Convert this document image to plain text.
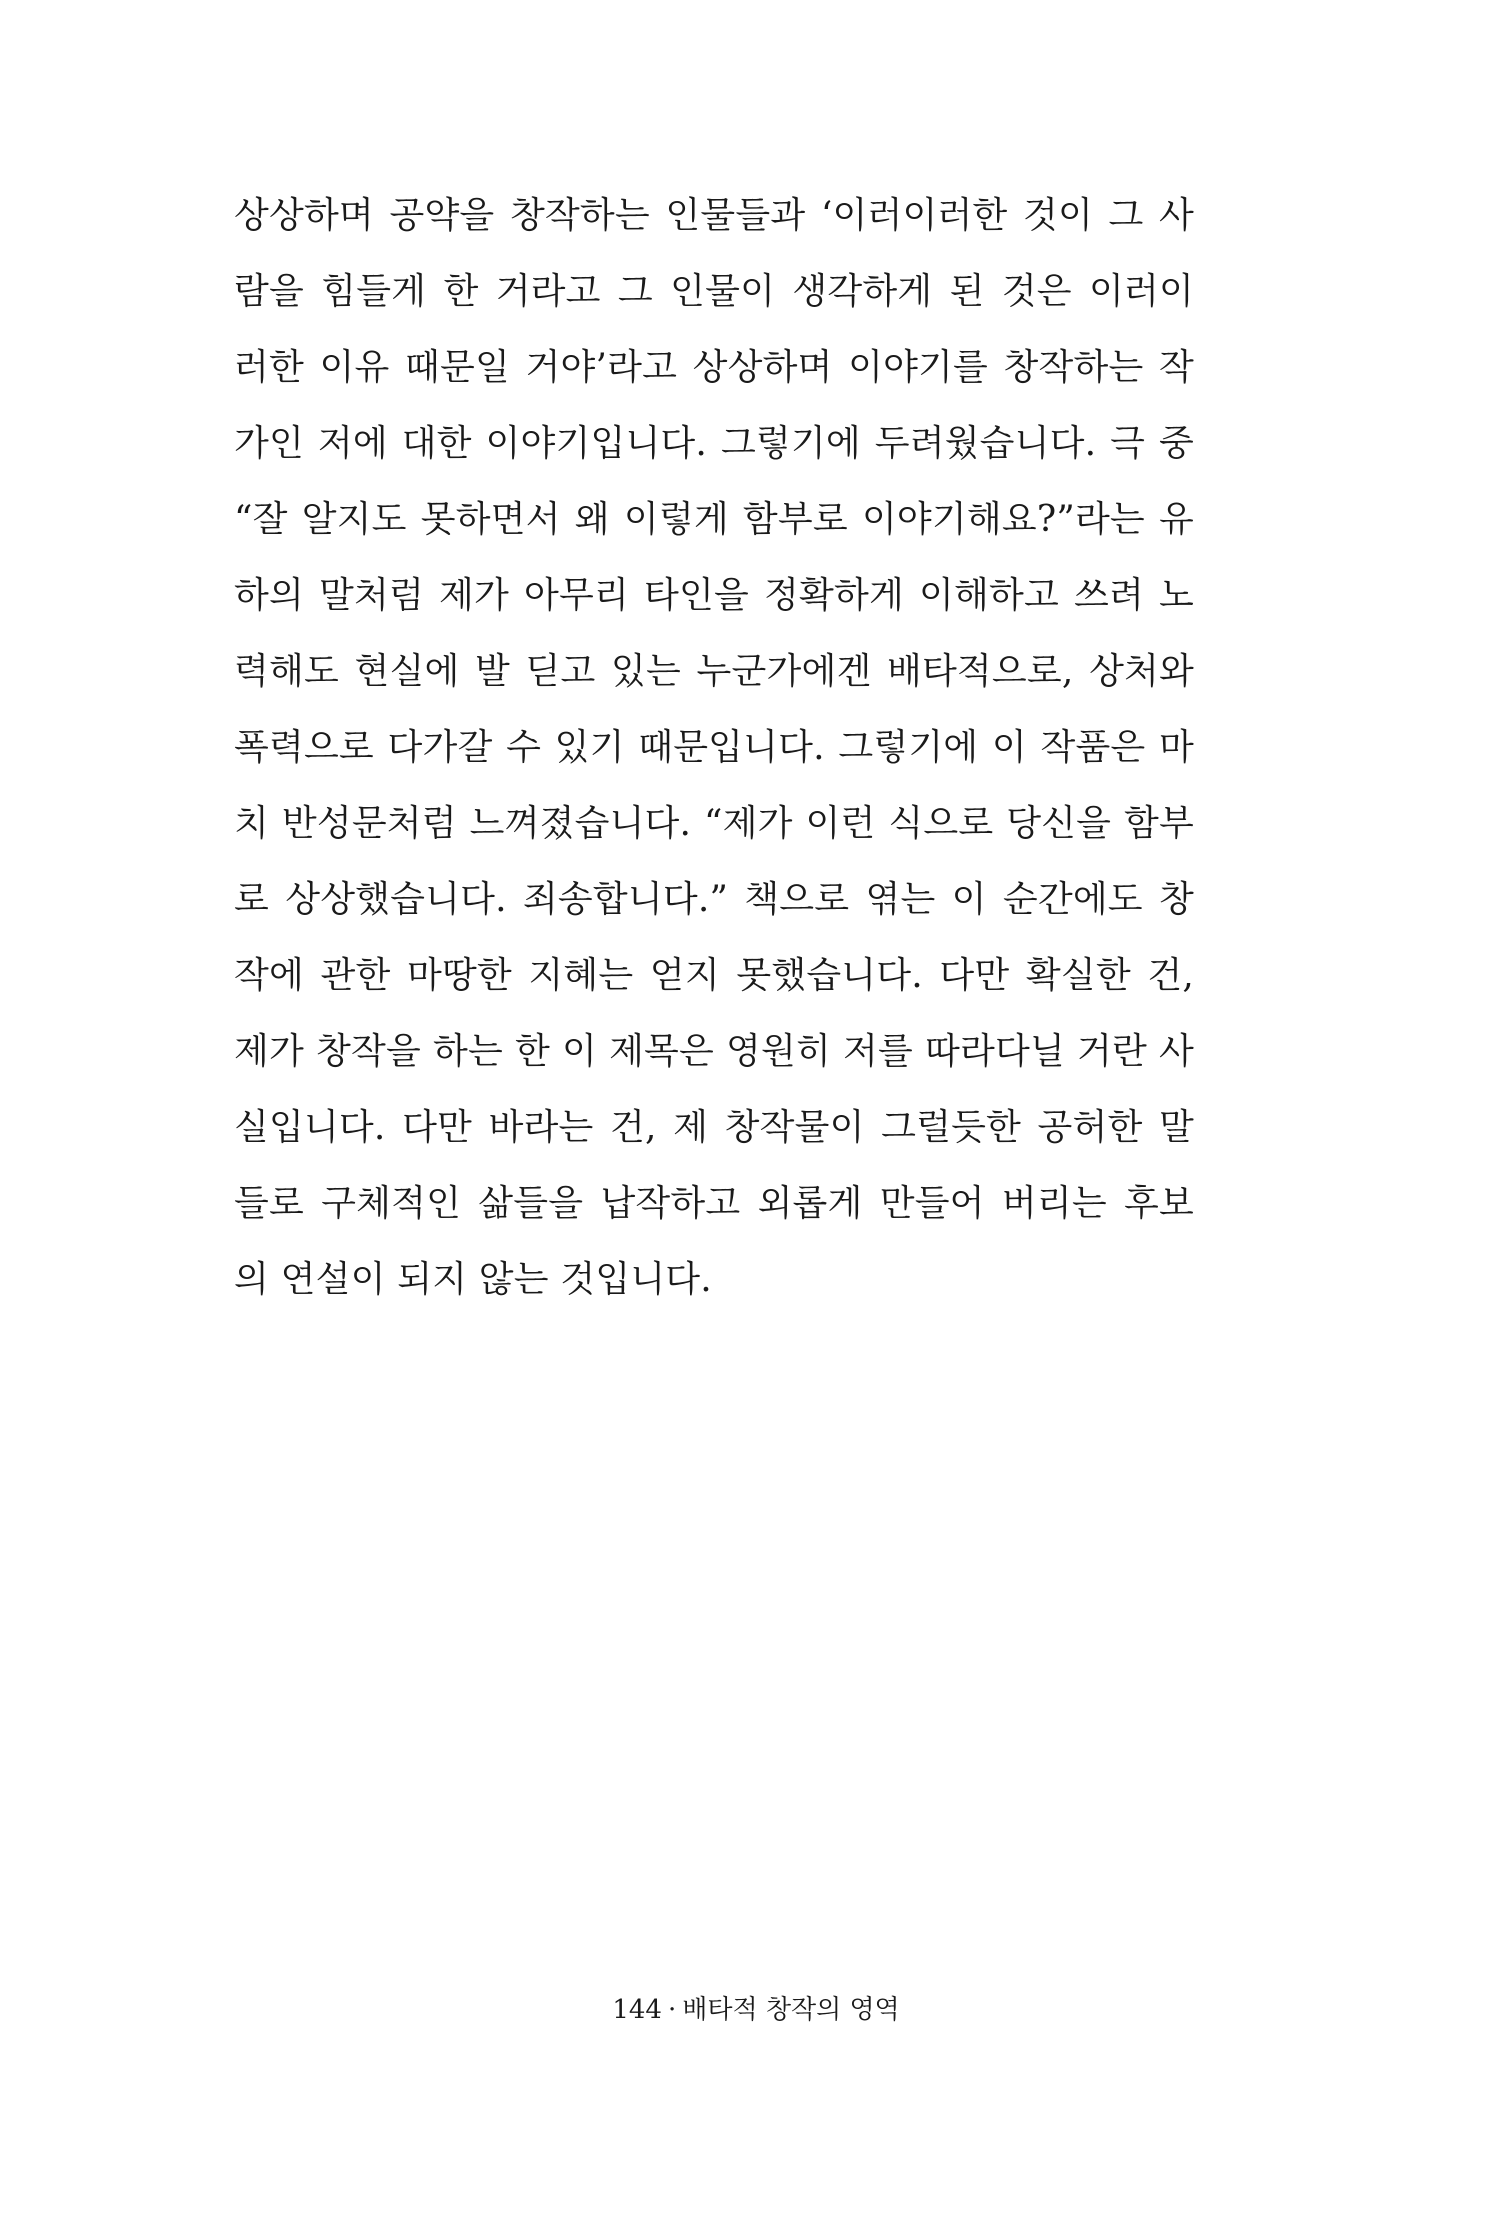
상상하며 공약을 창작하는 인물들과 ‘이러이러한 것이 그 사
람을 힘들게 한 거라고 그 인물이 생각하게 된 것은 이러이
러한 이유 때문일 거야’라고 상상하며 이야기를 창작하는 작
가인 저에 대한 이야기입니다. 그렇기에 두려웠습니다. 극 중
“잘 알지도 못하면서 왜 이렇게 함부로 이야기해요?”라는 유
하의 말처럼 제가 아무리 타인을 정확하게 이해하고 쓰려 노
력해도 현실에 발 딛고 있는 누군가에겐 배타적으로, 상처와
폭력으로 다가갈 수 있기 때문입니다. 그렇기에 이 작품은 마
치 반성문처럼 느껴졌습니다. “제가 이런 식으로 당신을 함부
로 상상했습니다. 죄송합니다.” 책으로 엮는 이 순간에도 창
작에 관한 마땅한 지혜는 얻지 못했습니다. 다만 확실한 건,
제가 창작을 하는 한 이 제목은 영원히 저를 따라다닐 거란 사
실입니다. 다만 바라는 건, 제 창작물이 그럴듯한 공허한 말
들로 구체적인 삶들을 납작하고 외롭게 만들어 버리는 후보
의 연설이 되지 않는 것입니다.
144 · 배타적 창작의 영역
